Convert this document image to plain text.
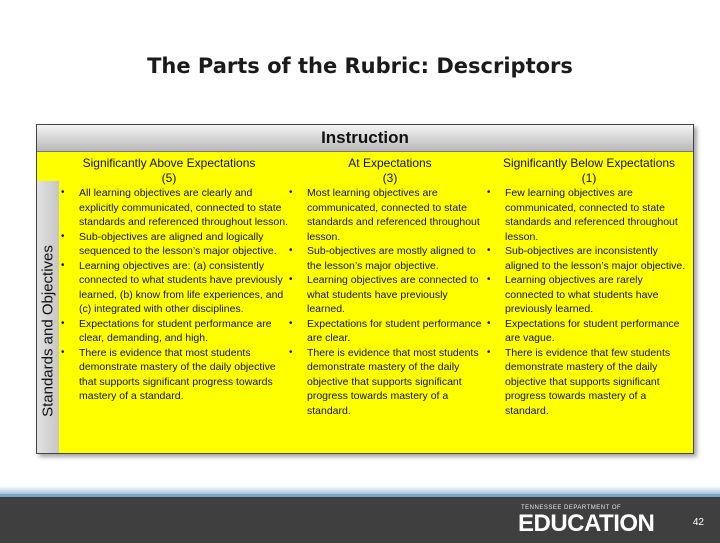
The Parts of the Rubric: Descriptors
Instruction
Standards and Objectives
Significantly Above Expectations
(5)
• All learning objectives are clearly and explicitly communicated, connected to state standards and referenced throughout lesson.
• Sub-objectives are aligned and logically sequenced to the lesson’s major objective.
• Learning objectives are: (a) consistently connected to what students have previously learned, (b) know from life experiences, and (c) integrated with other disciplines.
• Expectations for student performance are clear, demanding, and high.
• There is evidence that most students demonstrate mastery of the daily objective that supports significant progress towards mastery of a standard.
At Expectations
(3)
• Most learning objectives are communicated, connected to state standards and referenced throughout lesson.
• Sub-objectives are mostly aligned to the lesson’s major objective.
• Learning objectives are connected to what students have previously learned.
• Expectations for student performance are clear.
• There is evidence that most students demonstrate mastery of the daily objective that supports significant progress towards mastery of a standard.
Significantly Below Expectations
(1)
• Few learning objectives are communicated, connected to state standards and referenced throughout lesson.
• Sub-objectives are inconsistently aligned to the lesson’s major objective.
• Learning objectives are rarely connected to what students have previously learned.
• Expectations for student performance are vague.
• There is evidence that few students demonstrate mastery of the daily objective that supports significant progress towards mastery of a standard.
TENNESSEE DEPARTMENT OF
EDUCATION	42
